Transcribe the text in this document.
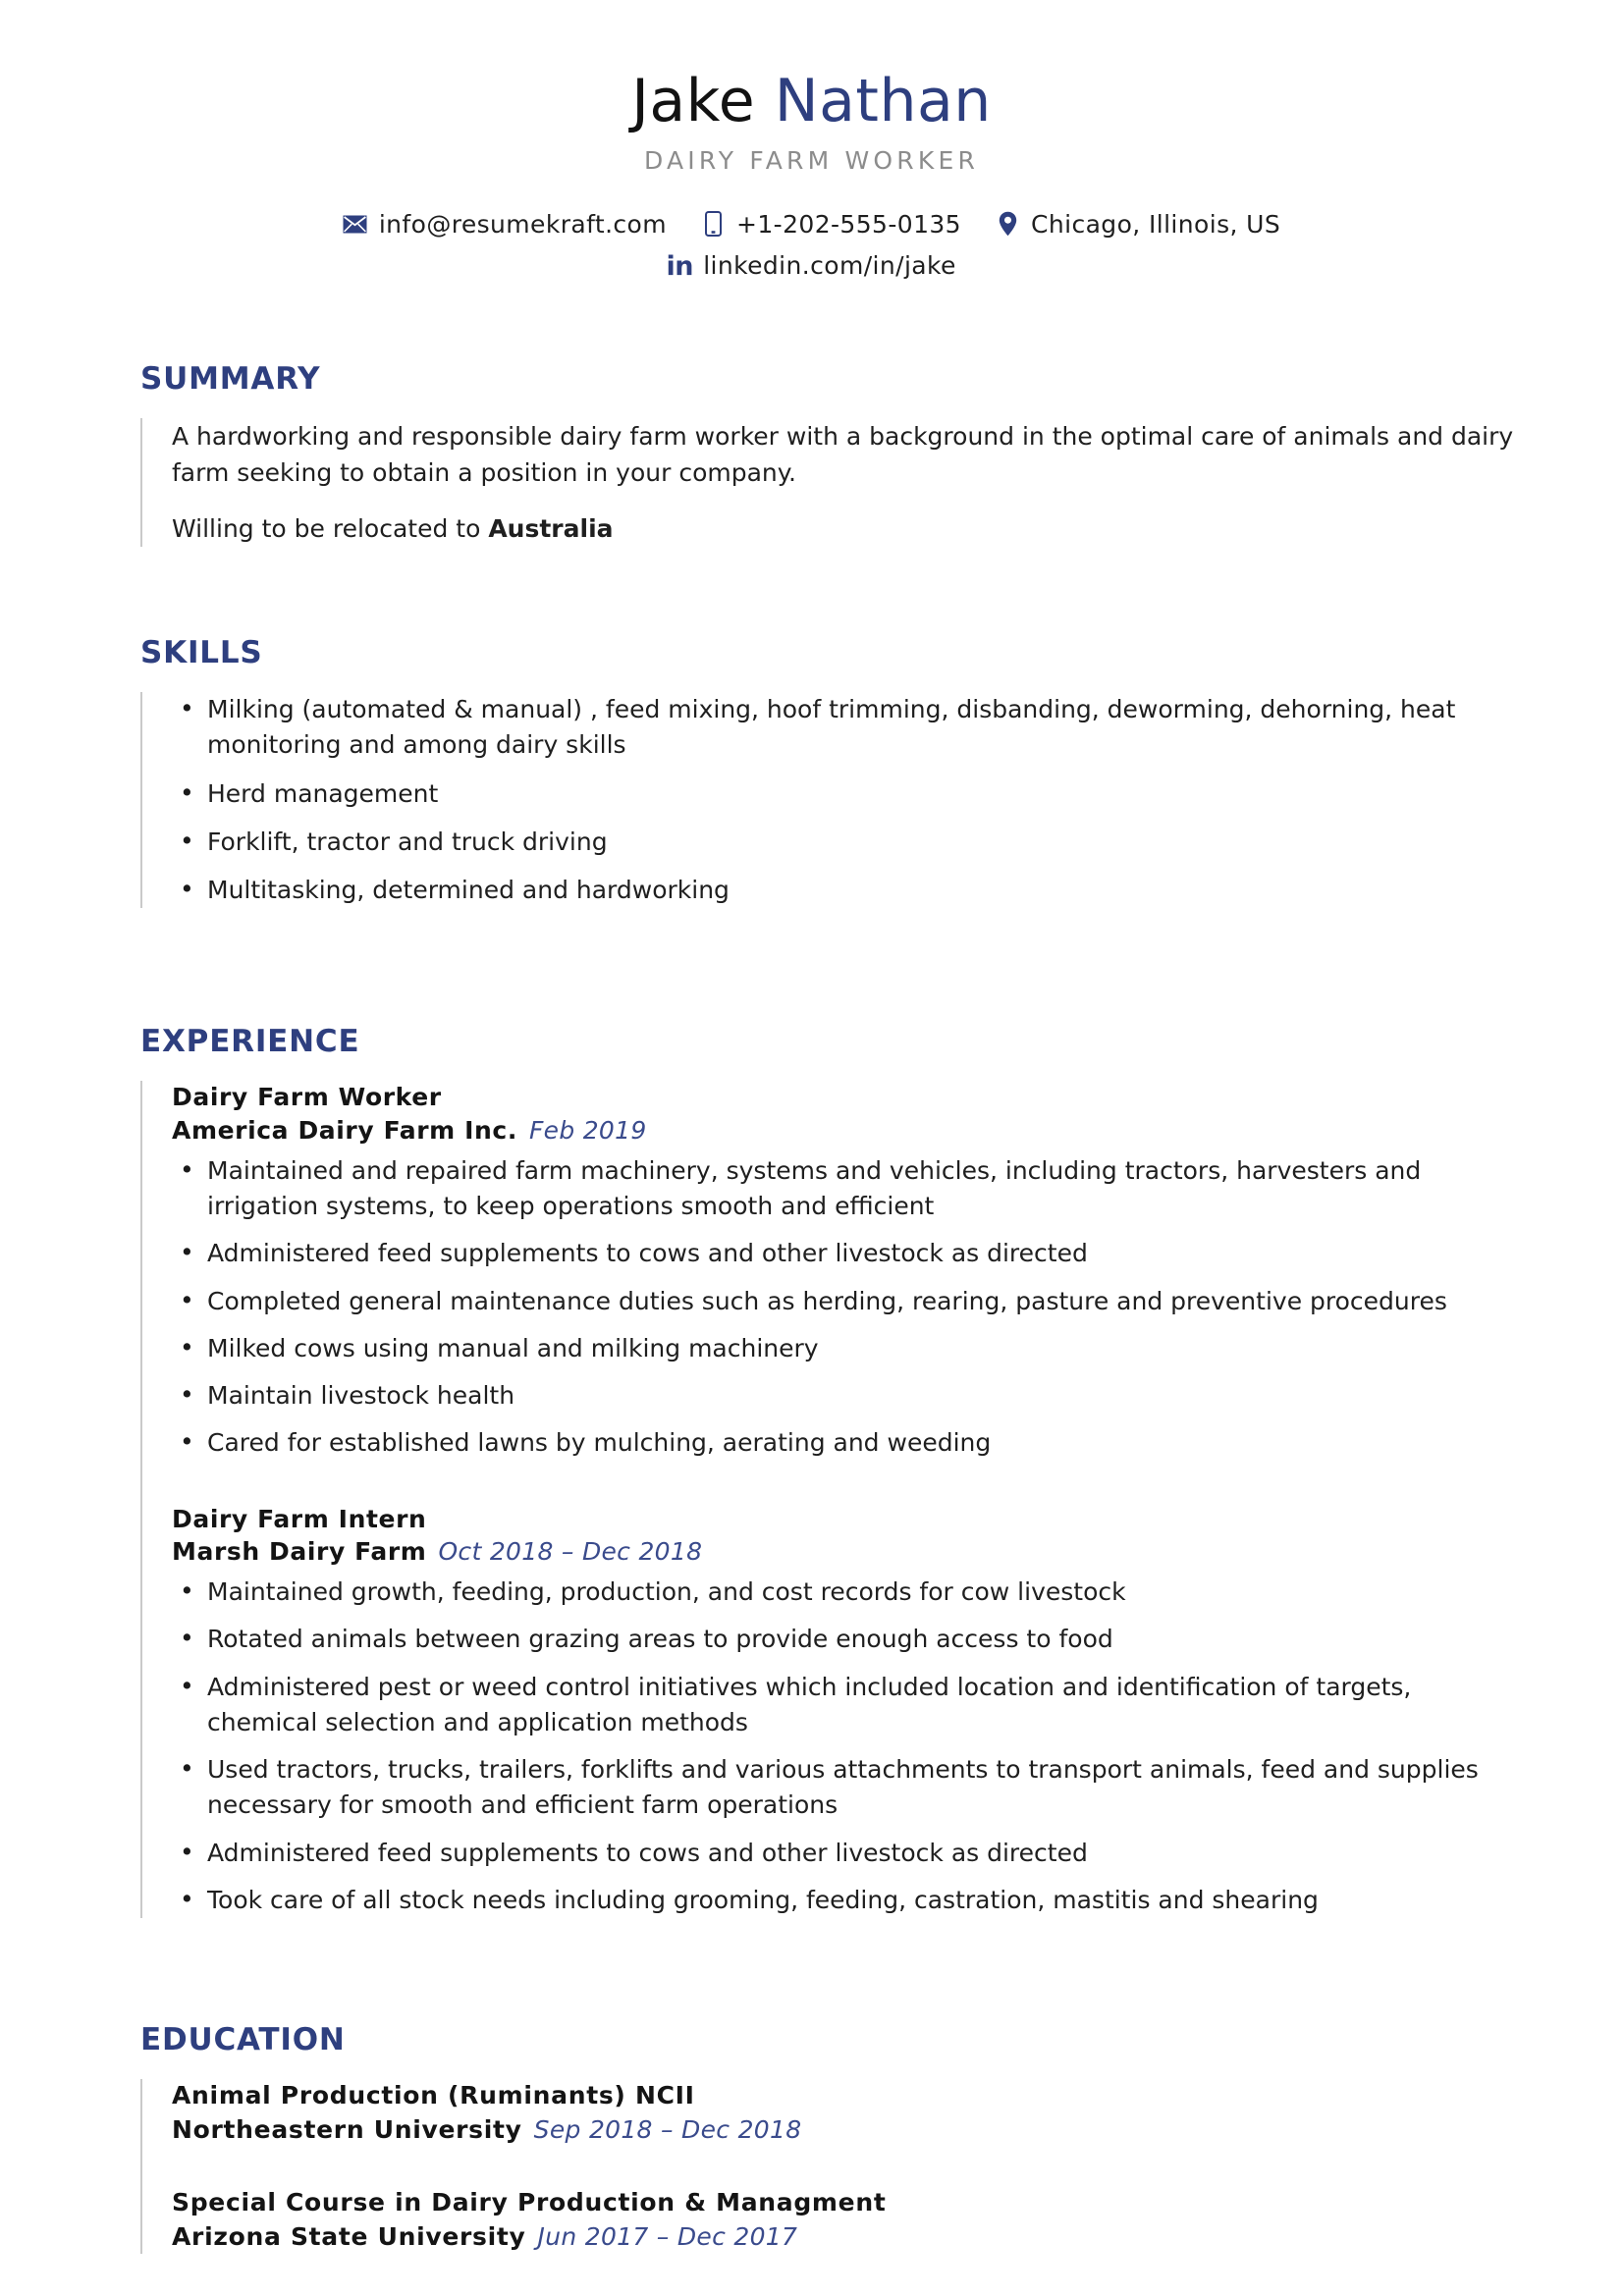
Jake Nathan
DAIRY FARM WORKER
info@resumekraft.com	+1-202-555-0135	Chicago, Illinois, US
in linkedin.com/in/jake
SUMMARY

A hardworking and responsible dairy farm worker with a background in the optimal care of animals and dairy farm seeking to obtain a position in your company.

Willing to be relocated to Australia

SKILLS
• Milking (automated & manual) , feed mixing, hoof trimming, disbanding, deworming, dehorning, heat monitoring and among dairy skills
• Herd management
• Forklift, tractor and truck driving
• Multitasking, determined and hardworking
EXPERIENCE
Dairy Farm Worker
America Dairy Farm Inc. Feb 2019
• Maintained and repaired farm machinery, systems and vehicles, including tractors, harvesters and irrigation systems, to keep operations smooth and efficient
• Administered feed supplements to cows and other livestock as directed
• Completed general maintenance duties such as herding, rearing, pasture and preventive procedures
• Milked cows using manual and milking machinery
• Maintain livestock health
• Cared for established lawns by mulching, aerating and weeding
Dairy Farm Intern
Marsh Dairy Farm Oct 2018 – Dec 2018
• Maintained growth, feeding, production, and cost records for cow livestock
• Rotated animals between grazing areas to provide enough access to food
• Administered pest or weed control initiatives which included location and identification of targets, chemical selection and application methods
• Used tractors, trucks, trailers, forklifts and various attachments to transport animals, feed and supplies necessary for smooth and efficient farm operations
• Administered feed supplements to cows and other livestock as directed
• Took care of all stock needs including grooming, feeding, castration, mastitis and shearing
EDUCATION
Animal Production (Ruminants) NCII
Northeastern University Sep 2018 – Dec 2018
Special Course in Dairy Production & Managment
Arizona State University Jun 2017 – Dec 2017
